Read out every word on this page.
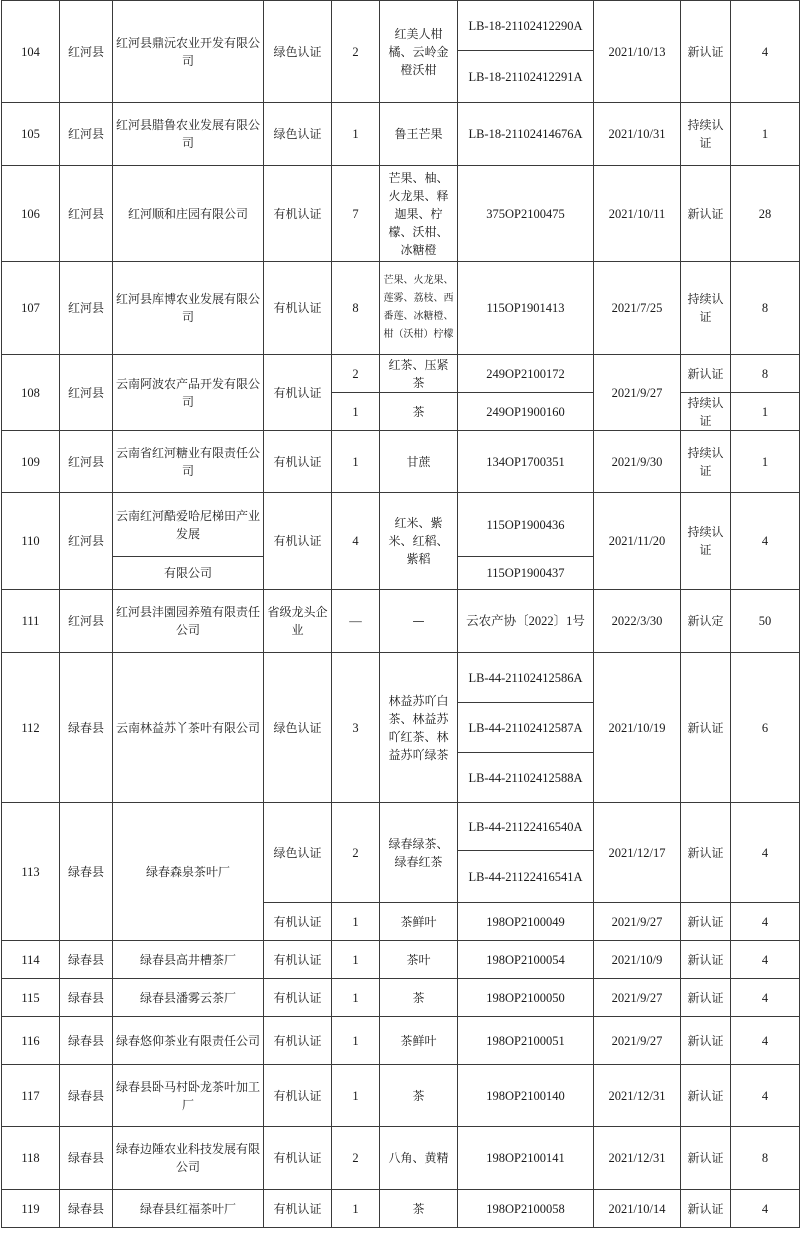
104	红河县	红河县鼎沅农业开发有限公司	绿色认证	2	红美人柑橘、云岭金橙沃柑	LB-18-21102412290A	2021/10/13	新认证	4
						LB-18-21102412291A			
105	红河县	红河县腊鲁农业发展有限公司	绿色认证	1	鲁王芒果	LB-18-21102414676A	2021/10/31	持续认证	1
106	红河县	红河顺和庄园有限公司	有机认证	7	芒果、柚、火龙果、释迦果、柠檬、沃柑、冰糖橙	375OP2100475	2021/10/11	新认证	28
107	红河县	红河县库博农业发展有限公司	有机认证	8	芒果、火龙果、莲雾、荔枝、西番莲、冰糖橙、柑（沃柑）柠檬	115OP1901413	2021/7/25	持续认证	8
108	红河县	云南阿波农产品开发有限公司	有机认证	2	红茶、压紧茶	249OP2100172	2021/9/27	新认证	8
				1	茶	249OP1900160		持续认证	1
109	红河县	云南省红河糖业有限责任公司	有机认证	1	甘蔗	134OP1700351	2021/9/30	持续认证	1
110	红河县	云南红河酷爱哈尼梯田产业发展	有机认证	4	红米、紫米、红稻、紫稻	115OP1900436	2021/11/20	持续认证	4
		有限公司				115OP1900437			
111	红河县	红河县沣園园养殖有限责任公司	省级龙头企业	—	—	云农产协〔2022〕1号	2022/3/30	新认定	50
112	绿春县	云南林益苏丫茶叶有限公司	绿色认证	3	林益苏吖白茶、林益苏吖红茶、林益苏吖绿茶	LB-44-21102412586A	2021/10/19	新认证	6
						LB-44-21102412587A			
						LB-44-21102412588A			
113	绿春县	绿春森泉茶叶厂	绿色认证	2	绿春绿茶、绿春红茶	LB-44-21122416540A	2021/12/17	新认证	4
						LB-44-21122416541A			
			有机认证	1	茶鲜叶	198OP2100049	2021/9/27	新认证	4
114	绿春县	绿春县高井槽茶厂	有机认证	1	茶叶	198OP2100054	2021/10/9	新认证	4
115	绿春县	绿春县潘雾云茶厂	有机认证	1	茶	198OP2100050	2021/9/27	新认证	4
116	绿春县	绿春悠仰茶业有限责任公司	有机认证	1	茶鲜叶	198OP2100051	2021/9/27	新认证	4
117	绿春县	绿春县卧马村卧龙茶叶加工厂	有机认证	1	茶	198OP2100140	2021/12/31	新认证	4
118	绿春县	绿春边陲农业科技发展有限公司	有机认证	2	八角、黄精	198OP2100141	2021/12/31	新认证	8
119	绿春县	绿春县红福茶叶厂	有机认证	1	茶	198OP2100058	2021/10/14	新认证	4
